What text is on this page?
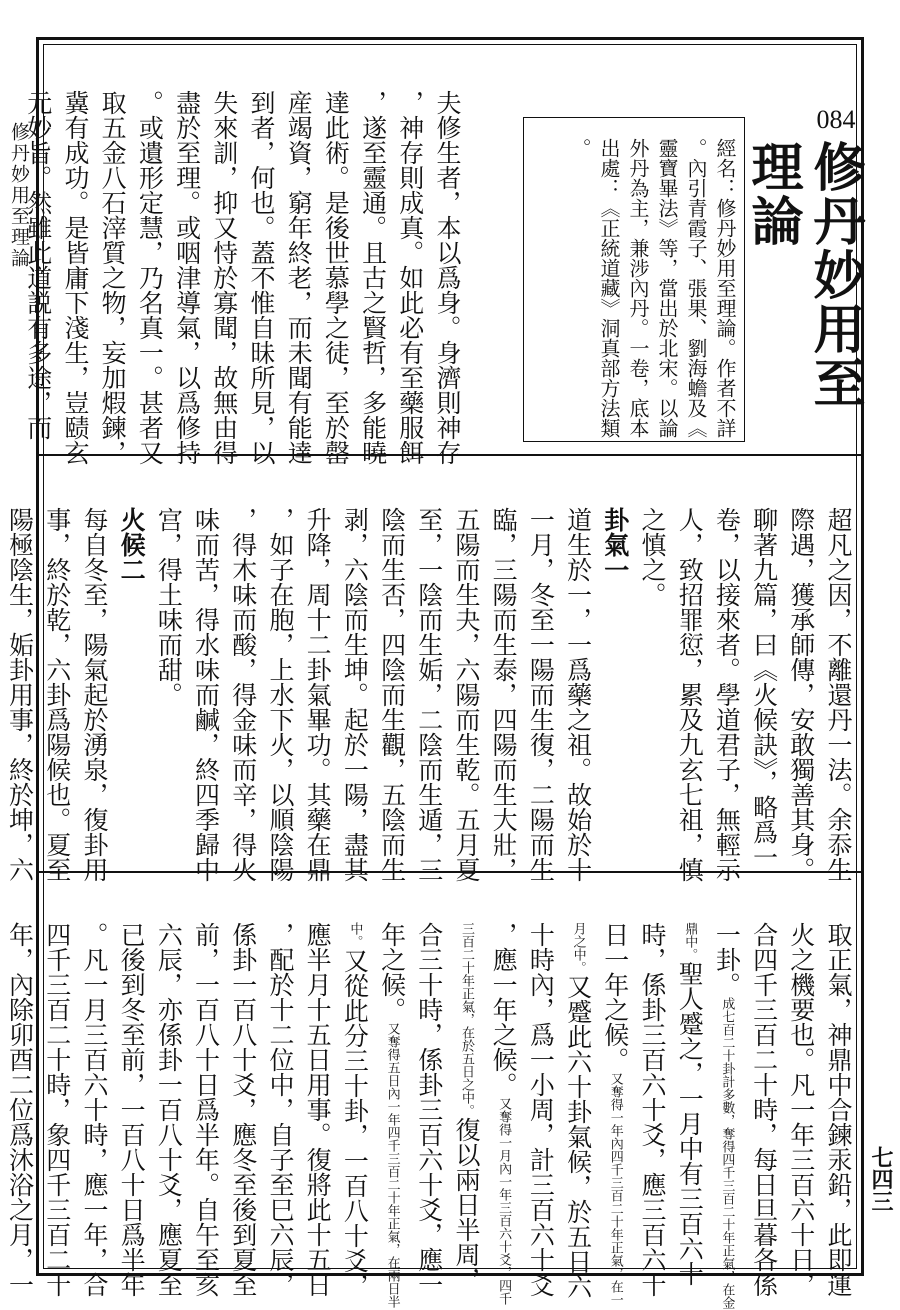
084
修丹妙用至理論
經名：修丹妙用至理論。作者不詳。內引青霞子、張果、劉海蟾及《靈寶畢法》等，當出於北宋。以論外丹為主，兼涉內丹。一卷，底本出處：《正統道藏》洞真部方法類。
夫修生者，本以爲身。身濟則神存，神存則成真。如此必有至藥服餌，遂至靈通。且古之賢哲，多能曉達此術。是後世慕學之徒，至於罄産竭資，窮年終老，而未聞有能達到者，何也。蓋不惟自昧所見，以失來訓，抑又恃於寡聞，故無由得盡於至理。或咽津導氣，以爲修持。或遺形定慧，乃名真一。甚者又取五金八石滓質之物，妄加煆鍊，冀有成功。是皆庸下淺生，豈赜玄元妙旨。然雖此道説有多途，而
超凡之因，不離還丹一法。余忝生際遇，獲承師傳，安敢獨善其身。聊著九篇，曰《火候訣》，略爲一卷，以接來者。學道君子，無輕示人，致招罪愆，累及九玄七祖，慎之慎之。
卦氣一
道生於一，一爲藥之祖。故始於十一月，冬至一陽而生復，二陽而生臨，三陽而生泰，四陽而生大壯，五陽而生夬，六陽而生乾。五月夏至，一陰而生姤，二陰而生遁，三陰而生否，四陰而生觀，五陰而生剥，六陰而生坤。起於一陽，盡其升降，周十二卦氣畢功。其藥在鼎，如子在胞，上水下火，以順陰陽，得木味而酸，得金味而辛，得火味而苦，得水味而鹹，終四季歸中宫，得土味而甜。
火候二
每自冬至，陽氣起於湧泉，復卦用事，終於乾，六卦爲陽候也。夏至陽極陰生，姤卦用事，終於坤，六
取正氣，神鼎中合鍊汞鉛，此即運火之機要也。凡一年三百六十日，合四千三百二十時，每日旦暮各係一卦。成七百二十卦計多數，奪得四千三百二十年正氣，在金鼎中。聖人蹙之，一月中有三百六十時，係卦三百六十爻，應三百六十日一年之候。又奪得一年內四千三百二十年正氣，在一月之中。又蹙此六十卦氣候，於五日六十時內，爲一小周，計三百六十爻，應一年之候。又奪得一月內一年三百六十爻，四千三百二十年正氣，在於五日之中。復以兩日半周，合三十時，係卦三百六十爻，應一年之候。又奪得五日內一年四千三百二十年正氣，在兩日半中。又從此分三十卦，一百八十爻，應半月十五日用事。復將此十五日，配於十二位中，自子至巳六辰，係卦一百八十爻，應冬至後到夏至前，一百八十日爲半年。自午至亥六辰，亦係卦一百八十爻，應夏至已後到冬至前，一百八十日爲半年。凡一月三百六十時，應一年，合四千三百二十時，象四千三百二十年，內除卯酉二位爲沐浴之月，一
修丹妙用至理論
七四三
